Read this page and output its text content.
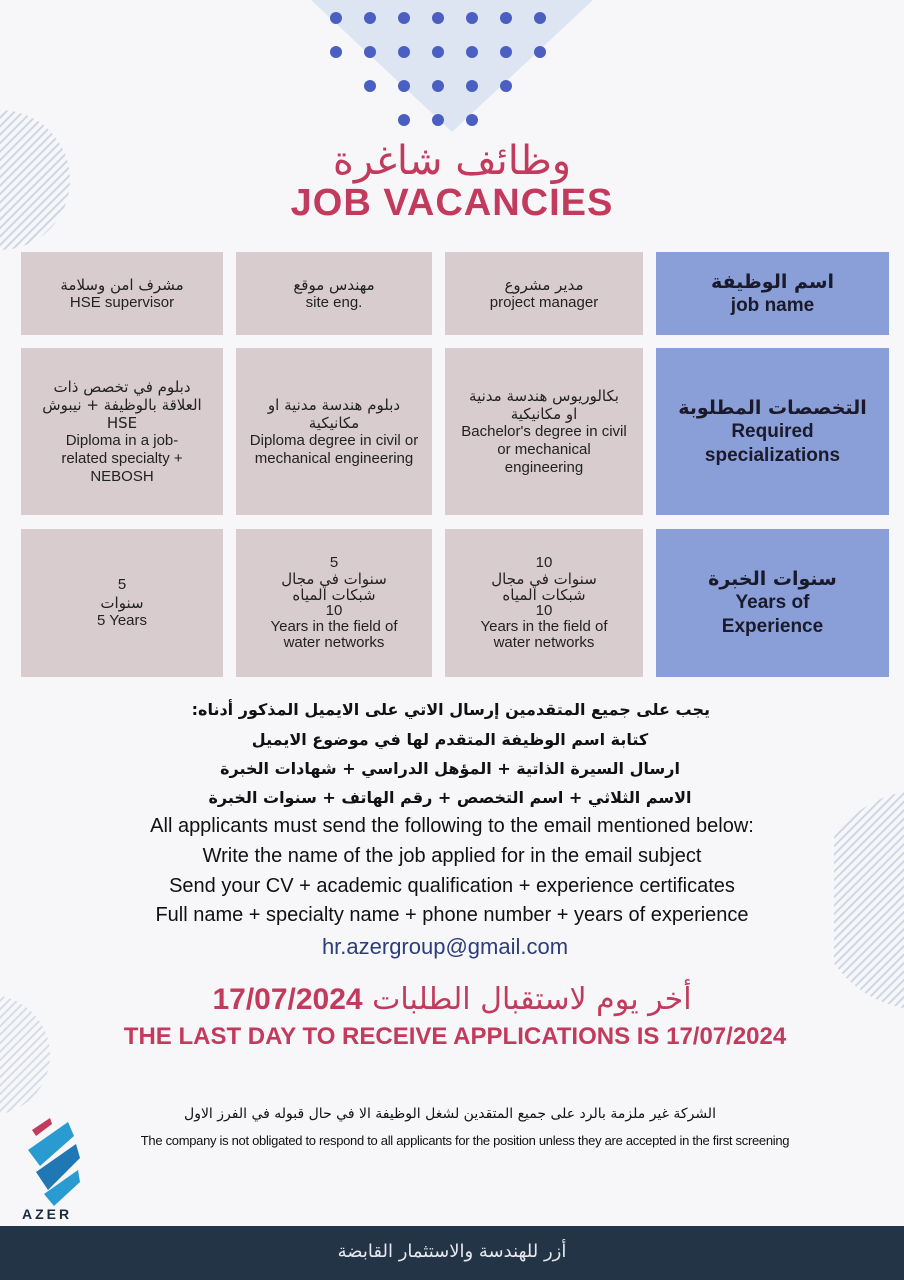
وظائف شاغرة
JOB VACANCIES
اسم الوظيفة
job name
مدير مشروع
project manager
مهندس موقع
site eng.
مشرف امن وسلامة
HSE supervisor
التخصصات المطلوبة
Required specializations
بكالوريوس هندسة مدنية او مكانيكية
Bachelor's degree in civil or mechanical engineering
دبلوم هندسة مدنية او مكانيكية
Diploma degree in civil or mechanical engineering
دبلوم في تخصص ذات العلاقة بالوظيفة + نيبوش HSE
Diploma in a job-related specialty + NEBOSH
سنوات الخبرة
Years of Experience
10
سنوات في مجال شبكات المياه
10
Years in the field of water networks
5
سنوات في مجال شبكات المياه
10
Years in the field of water networks
5
سنوات
5 Years
يجب على جميع المتقدمين إرسال الاتي على الايميل المذكور أدناه:
كتابة اسم الوظيفة المتقدم لها في موضوع الايميل
ارسال السيرة الذاتية + المؤهل الدراسي + شهادات الخبرة
الاسم الثلاثي + اسم التخصص + رقم الهاتف + سنوات الخبرة
All applicants must send the following to the email mentioned below:
Write the name of the job applied for in the email subject
Send your CV + academic qualification + experience certificates
Full name + specialty name + phone number + years of experience
hr.azergroup@gmail.com
أخر يوم لاستقبال الطلبات 17/07/2024
THE LAST DAY TO RECEIVE APPLICATIONS IS 17/07/2024
الشركة غير ملزمة بالرد على جميع المتقدين لشغل الوظيفة الا في حال قبوله في الفرز الاول
The company is not obligated to respond to all applicants for the position unless they are accepted in the first screening
AZER
أزر للهندسة والاستثمار القابضة
